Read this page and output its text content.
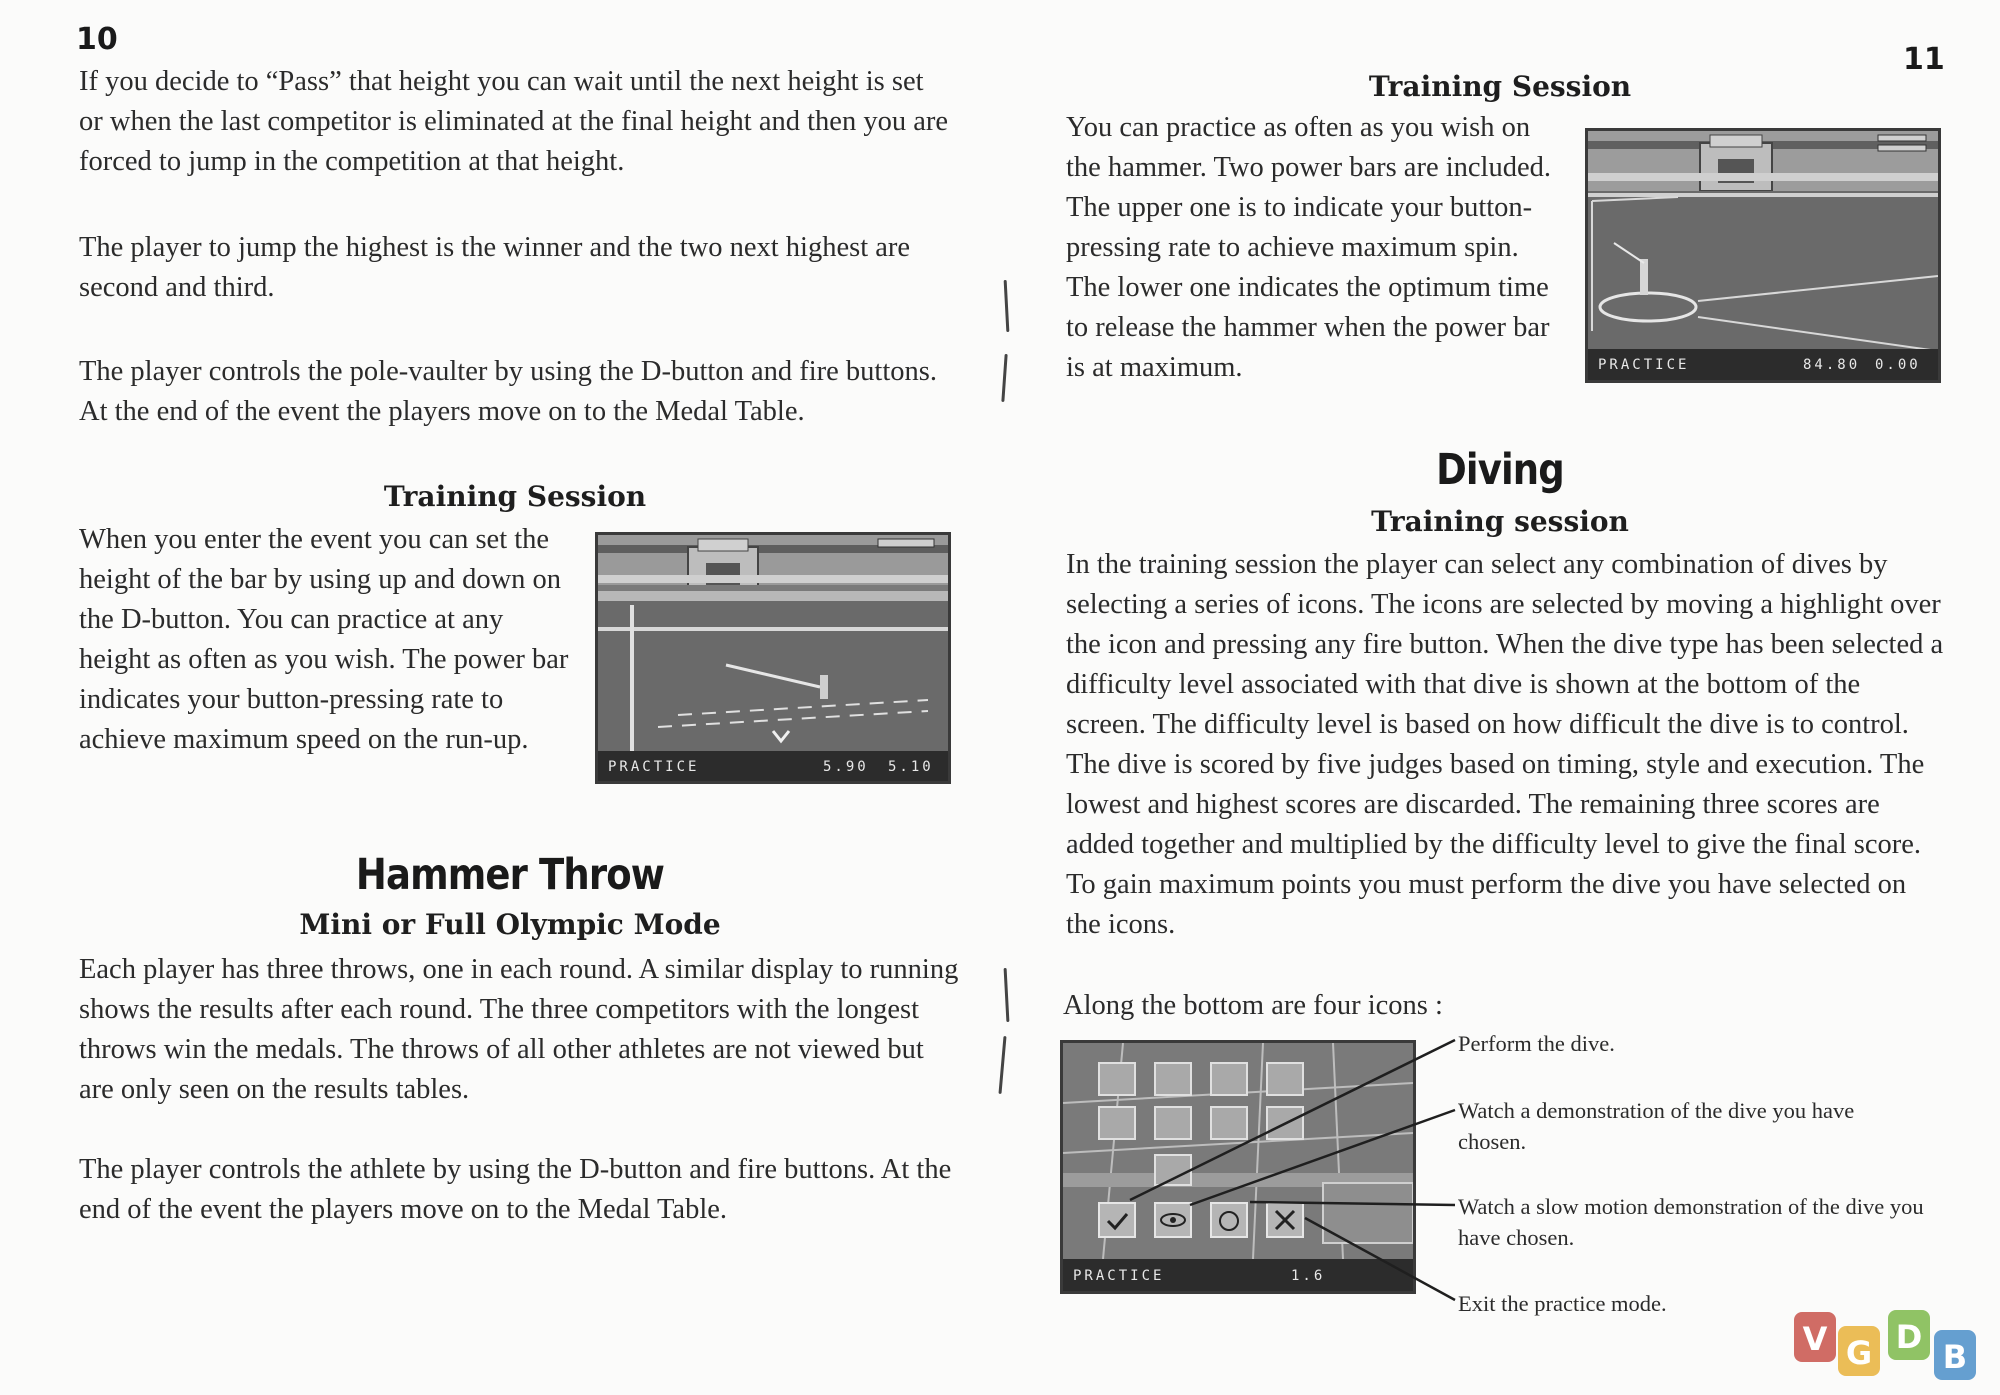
10

If you decide to “Pass” that height you can wait until the next height is set or when the last competitor is eliminated at the final height and then you are forced to jump in the competition at that height.

The player to jump the highest is the winner and the two next highest are second and third.

The player controls the pole-vaulter by using the D-button and fire buttons. At the end of the event the players move on to the Medal Table.

Training Session

When you enter the event you can set the height of the bar by using up and down on the D-button. You can practice at any height as often as you wish. The power bar indicates your button-pressing rate to achieve maximum speed on the run-up.

PRACTICE	5.90 5.10
Hammer Throw
Mini or Full Olympic Mode

Each player has three throws, one in each round. A similar display to running shows the results after each round. The three competitors with the longest throws win the medals. The throws of all other athletes are not viewed but are only seen on the results tables.

The player controls the athlete by using the D-button and fire buttons. At the end of the event the players move on to the Medal Table.

11
Training Session

You can practice as often as you wish on the hammer. Two power bars are included. The upper one is to indicate your button-pressing rate to achieve maximum spin. The lower one indicates the optimum time to release the hammer when the power bar is at maximum.	PRACTICE	84.80 0.00
Diving
Training session

In the training session the player can select any combination of dives by selecting a series of icons. The icons are selected by moving a highlight over the icon and pressing any fire button. When the dive type has been selected a difficulty level associated with that dive is shown at the bottom of the screen. The difficulty level is based on how difficult the dive is to control. The dive is scored by five judges based on timing, style and execution. The lowest and highest scores are discarded. The remaining three scores are added together and multiplied by the difficulty level to give the final score. To gain maximum points you must perform the dive you have selected on the icons.

Along the bottom are four icons :

PRACTICE	1.6

Perform the dive.

Watch a demonstration of the dive you have chosen.

Watch a slow motion demonstration of the dive you have chosen.

Exit the practice mode.

V G D
B
